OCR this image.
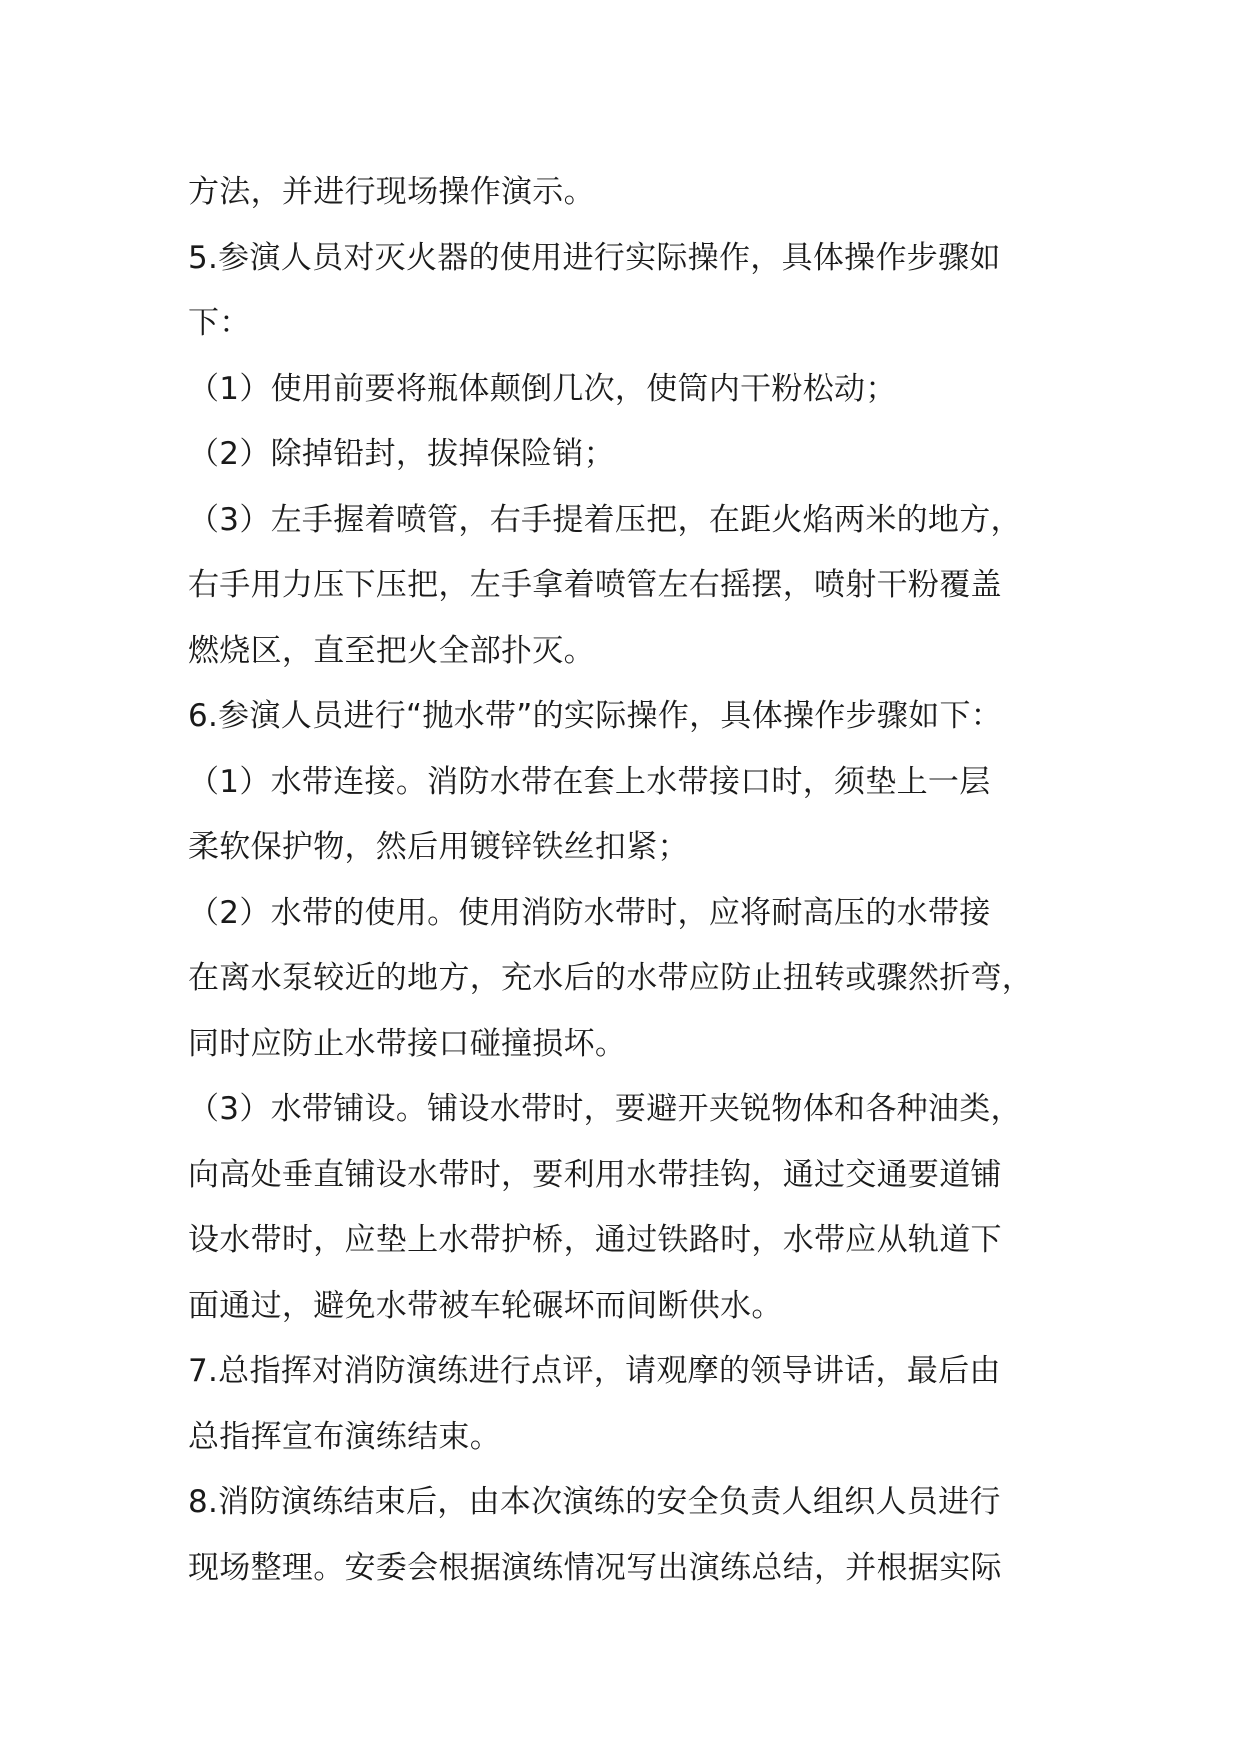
方法，并进行现场操作演示。
5.参演人员对灭火器的使用进行实际操作，具体操作步骤如
下：
（1）使用前要将瓶体颠倒几次，使筒内干粉松动；
（2）除掉铅封，拔掉保险销；
（3）左手握着喷管，右手提着压把，在距火焰两米的地方，
右手用力压下压把，左手拿着喷管左右摇摆，喷射干粉覆盖
燃烧区，直至把火全部扑灭。
6.参演人员进行“抛水带”的实际操作，具体操作步骤如下：
（1）水带连接。消防水带在套上水带接口时，须垫上一层
柔软保护物，然后用镀锌铁丝扣紧；
（2）水带的使用。使用消防水带时，应将耐高压的水带接
在离水泵较近的地方，充水后的水带应防止扭转或骤然折弯，
同时应防止水带接口碰撞损坏。
（3）水带铺设。铺设水带时，要避开夹锐物体和各种油类，
向高处垂直铺设水带时，要利用水带挂钩，通过交通要道铺
设水带时，应垫上水带护桥，通过铁路时，水带应从轨道下
面通过，避免水带被车轮碾坏而间断供水。
7.总指挥对消防演练进行点评，请观摩的领导讲话，最后由
总指挥宣布演练结束。
8.消防演练结束后，由本次演练的安全负责人组织人员进行
现场整理。安委会根据演练情况写出演练总结，并根据实际
